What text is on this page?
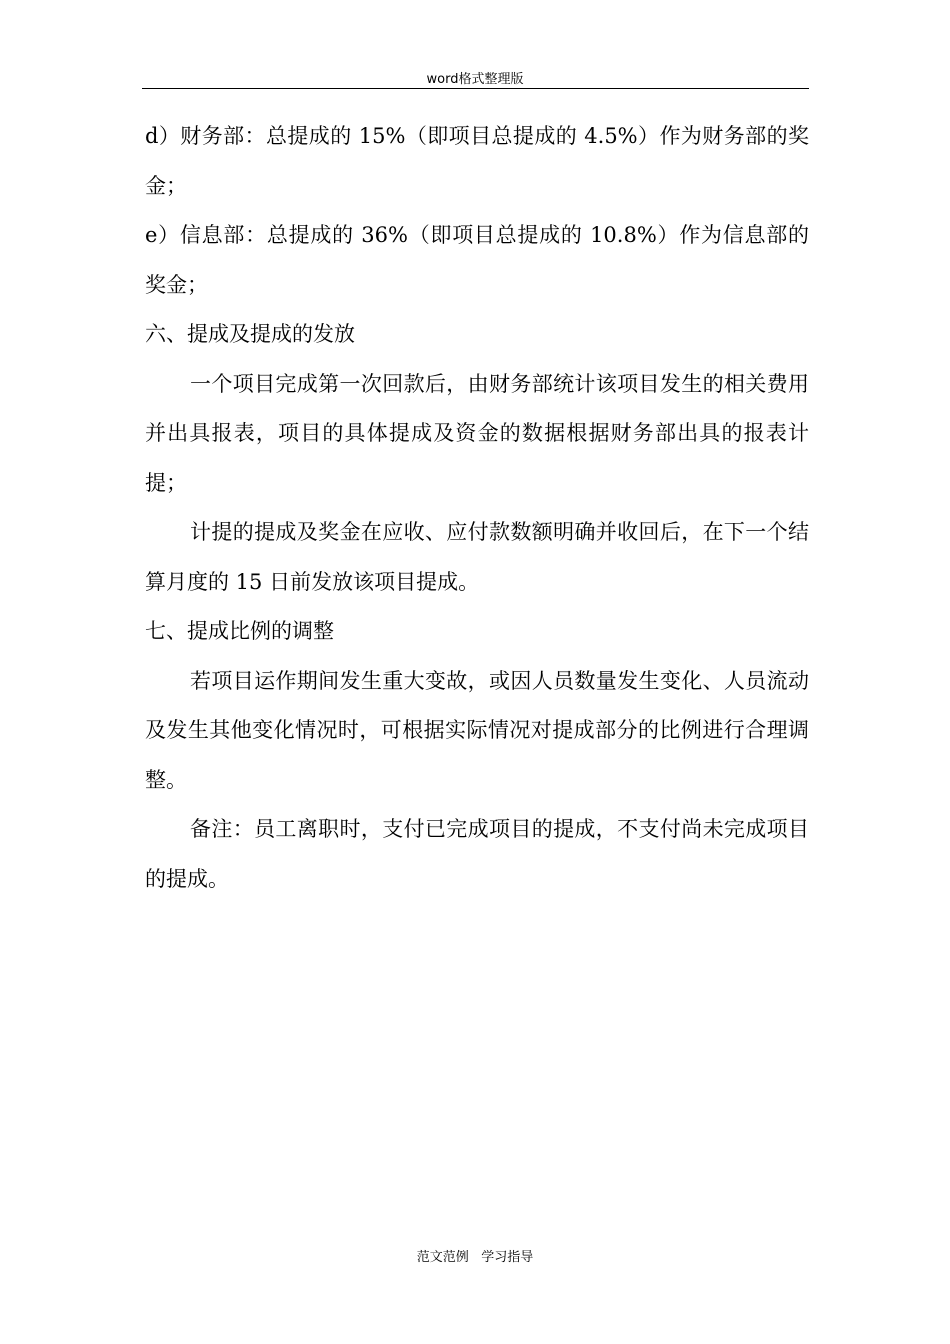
word格式整理版

d）财务部：总提成的 15%（即项目总提成的 4.5%）作为财务部的奖金；

e）信息部：总提成的 36%（即项目总提成的 10.8%）作为信息部的奖金；

六、提成及提成的发放

一个项目完成第一次回款后，由财务部统计该项目发生的相关费用并出具报表，项目的具体提成及资金的数据根据财务部出具的报表计提；

计提的提成及奖金在应收、应付款数额明确并收回后，在下一个结算月度的 15 日前发放该项目提成。

七、提成比例的调整

若项目运作期间发生重大变故，或因人员数量发生变化、人员流动及发生其他变化情况时，可根据实际情况对提成部分的比例进行合理调整。

备注：员工离职时，支付已完成项目的提成，不支付尚未完成项目的提成。

范文范例   学习指导
